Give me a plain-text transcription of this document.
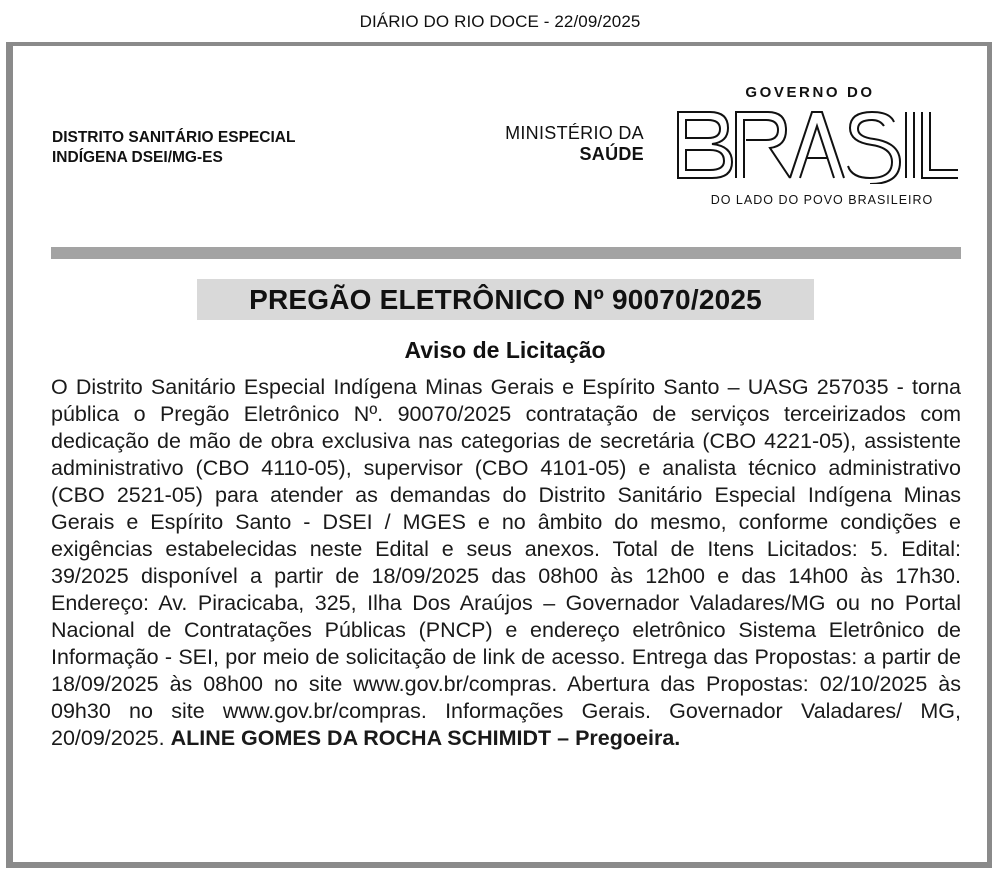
DIÁRIO DO RIO DOCE - 22/09/2025
DISTRITO SANITÁRIO ESPECIAL
INDÍGENA DSEI/MG-ES
MINISTÉRIO DA
SAÚDE
GOVERNO DO
DO LADO DO POVO BRASILEIRO
PREGÃO ELETRÔNICO Nº 90070/2025
Aviso de Licitação
O Distrito Sanitário Especial Indígena Minas Gerais e Espírito Santo – UASG 257035 - torna pública o Pregão Eletrônico Nº. 90070/2025 contratação de serviços terceirizados com dedicação de mão de obra exclusiva nas categorias de secretária (CBO 4221-05), assistente administrativo (CBO 4110-05), supervisor (CBO 4101-05) e analista técnico administrativo (CBO 2521-05) para atender as demandas do Distrito Sanitário Especial Indígena Minas Gerais e Espírito Santo - DSEI / MGES e no âmbito do mesmo, conforme condições e exigências estabelecidas neste Edital e seus anexos. Total de Itens Licitados: 5. Edital: 39/2025 disponível a partir de 18/09/2025 das 08h00 às 12h00 e das 14h00 às 17h30. Endereço: Av. Piracicaba, 325, Ilha Dos Araújos – Governador Valadares/MG ou no Portal Nacional de Contratações Públicas (PNCP) e endereço eletrônico Sistema Eletrônico de Informação - SEI, por meio de solicitação de link de acesso. Entrega das Propostas: a partir de 18/09/2025 às 08h00 no site www.gov.br/compras. Abertura das Propostas: 02/10/2025 às 09h30 no site www.gov.br/compras. Informações Gerais. Governador Valadares/ MG, 20/09/2025. ALINE GOMES DA ROCHA SCHIMIDT – Pregoeira.
